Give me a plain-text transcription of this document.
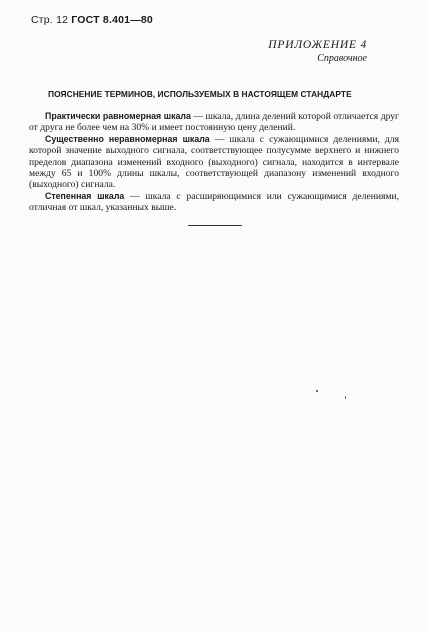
Стр. 12 ГОСТ 8.401—80
ПРИЛОЖЕНИЕ 4
Справочное
ПОЯСНЕНИЕ ТЕРМИНОВ, ИСПОЛЬЗУЕМЫХ В НАСТОЯЩЕМ СТАНДАРТЕ

Практически равномерная шкала — шкала, длина делений которой отличается друг от друга не более чем на 30% и имеет постоянную цену делений.

Существенно неравномерная шкала — шкала с сужающимися делениями, для которой значение выходного сигнала, соответствующее полусумме верхнего и нижнего пределов диапазона изменений входного (выходного) сигнала, находится в интервале между 65 и 100% длины шкалы, соответствующей диапазону изменений входного (выходного) сигнала.

Степенная шкала — шкала с расширяющимися или сужающимися делениями, отличная от шкал, указанных выше.
